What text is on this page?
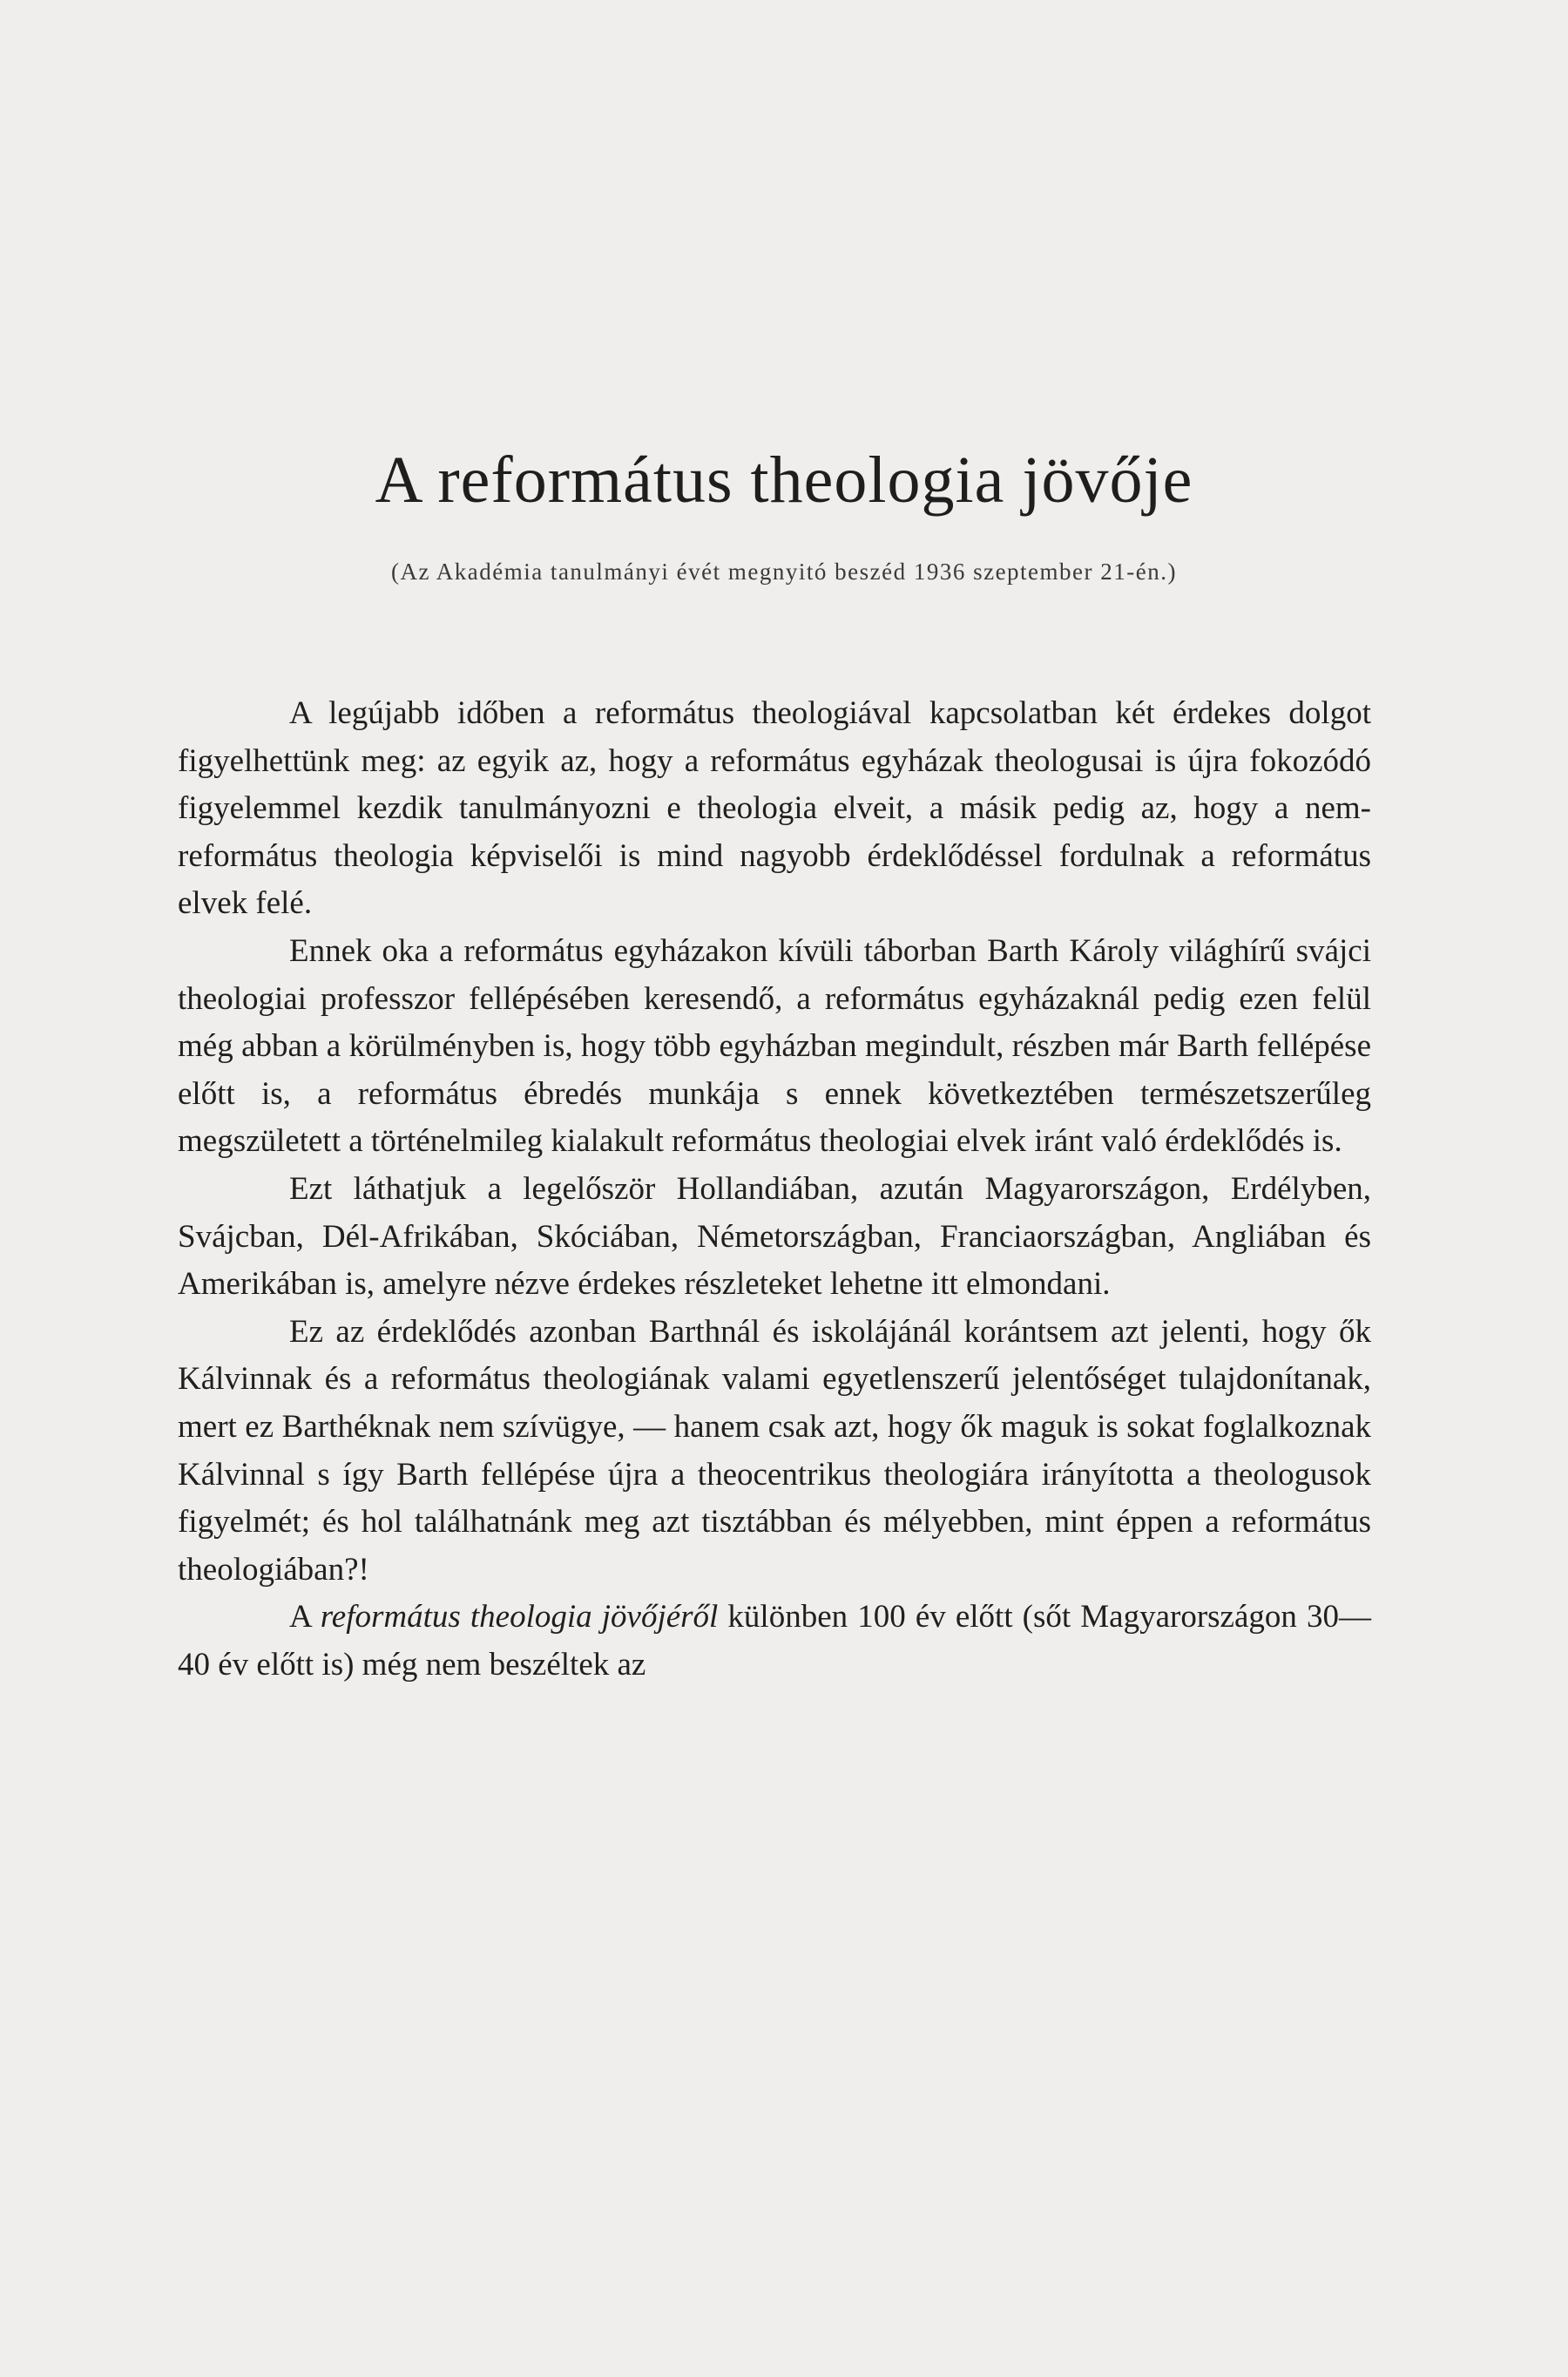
A református theologia jövője
(Az Akadémia tanulmányi évét megnyitó beszéd 1936 szeptember 21-én.)

A legújabb időben a református theologiával kapcsolatban két érdekes dolgot figyelhettünk meg: az egyik az, hogy a református egyházak theologusai is újra fokozódó figyelemmel kezdik tanulmányozni e theologia elveit, a másik pedig az, hogy a nem-református theologia képviselői is mind nagyobb érdeklődéssel fordulnak a református elvek felé.

Ennek oka a református egyházakon kívüli táborban Barth Károly világhírű svájci theologiai professzor fellépésében keresendő, a református egyházaknál pedig ezen felül még abban a körülményben is, hogy több egyházban megindult, részben már Barth fellépése előtt is, a református ébredés munkája s ennek következtében természetszerűleg megszületett a történelmileg kialakult református theologiai elvek iránt való érdeklődés is.

Ezt láthatjuk a legelőször Hollandiában, azután Magyarországon, Erdélyben, Svájcban, Dél-Afrikában, Skóciában, Németországban, Franciaországban, Angliában és Amerikában is, amelyre nézve érdekes részleteket lehetne itt elmondani.

Ez az érdeklődés azonban Barthnál és iskolájánál korántsem azt jelenti, hogy ők Kálvinnak és a református theologiának valami egyetlenszerű jelentőséget tulajdonítanak, mert ez Barthéknak nem szívügye, — hanem csak azt, hogy ők maguk is sokat foglalkoznak Kálvinnal s így Barth fellépése újra a theocentrikus theologiára irányította a theologusok figyelmét; és hol találhatnánk meg azt tisztábban és mélyebben, mint éppen a református theologiában?!

A református theologia jövőjéről különben 100 év előtt (sőt Magyarországon 30—40 év előtt is) még nem beszéltek az
